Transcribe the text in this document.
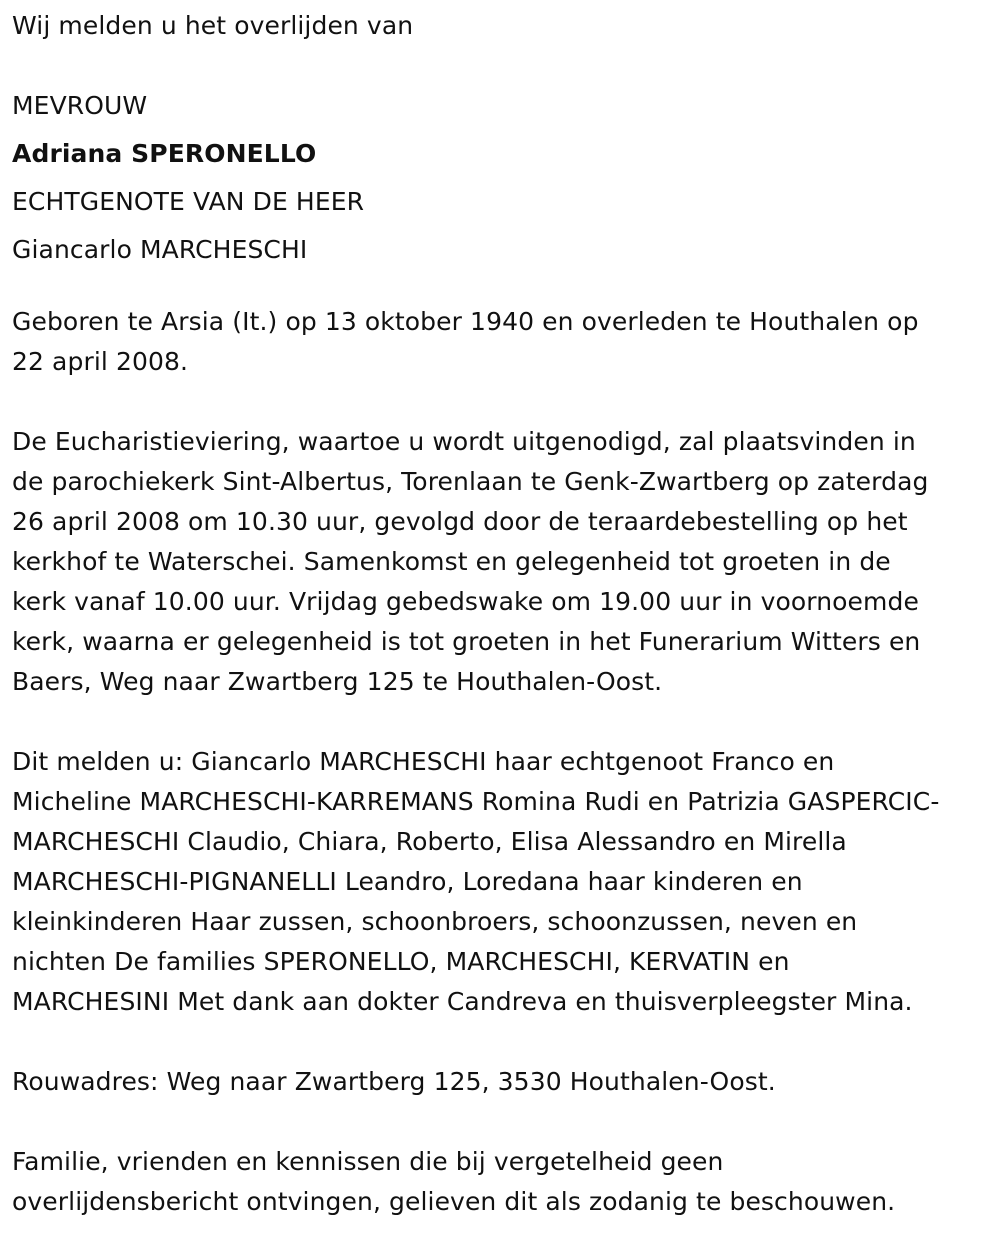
Wij melden u het overlijden van

MEVROUW

Adriana SPERONELLO

ECHTGENOTE VAN DE HEER

Giancarlo MARCHESCHI

Geboren te Arsia (It.) op 13 oktober 1940 en overleden te Houthalen op

22 april 2008.

De Eucharistieviering, waartoe u wordt uitgenodigd, zal plaatsvinden in

de parochiekerk Sint-Albertus, Torenlaan te Genk-Zwartberg op zaterdag

26 april 2008 om 10.30 uur, gevolgd door de teraardebestelling op het

kerkhof te Waterschei. Samenkomst en gelegenheid tot groeten in de

kerk vanaf 10.00 uur. Vrijdag gebedswake om 19.00 uur in voornoemde

kerk, waarna er gelegenheid is tot groeten in het Funerarium Witters en

Baers, Weg naar Zwartberg 125 te Houthalen-Oost.

Dit melden u: Giancarlo MARCHESCHI haar echtgenoot Franco en

Micheline MARCHESCHI-KARREMANS Romina Rudi en Patrizia GASPERCIC-

MARCHESCHI Claudio, Chiara, Roberto, Elisa Alessandro en Mirella

MARCHESCHI-PIGNANELLI Leandro, Loredana haar kinderen en

kleinkinderen Haar zussen, schoonbroers, schoonzussen, neven en

nichten De families SPERONELLO, MARCHESCHI, KERVATIN en

MARCHESINI Met dank aan dokter Candreva en thuisverpleegster Mina.

Rouwadres: Weg naar Zwartberg 125, 3530 Houthalen-Oost.

Familie, vrienden en kennissen die bij vergetelheid geen

overlijdensbericht ontvingen, gelieven dit als zodanig te beschouwen.
